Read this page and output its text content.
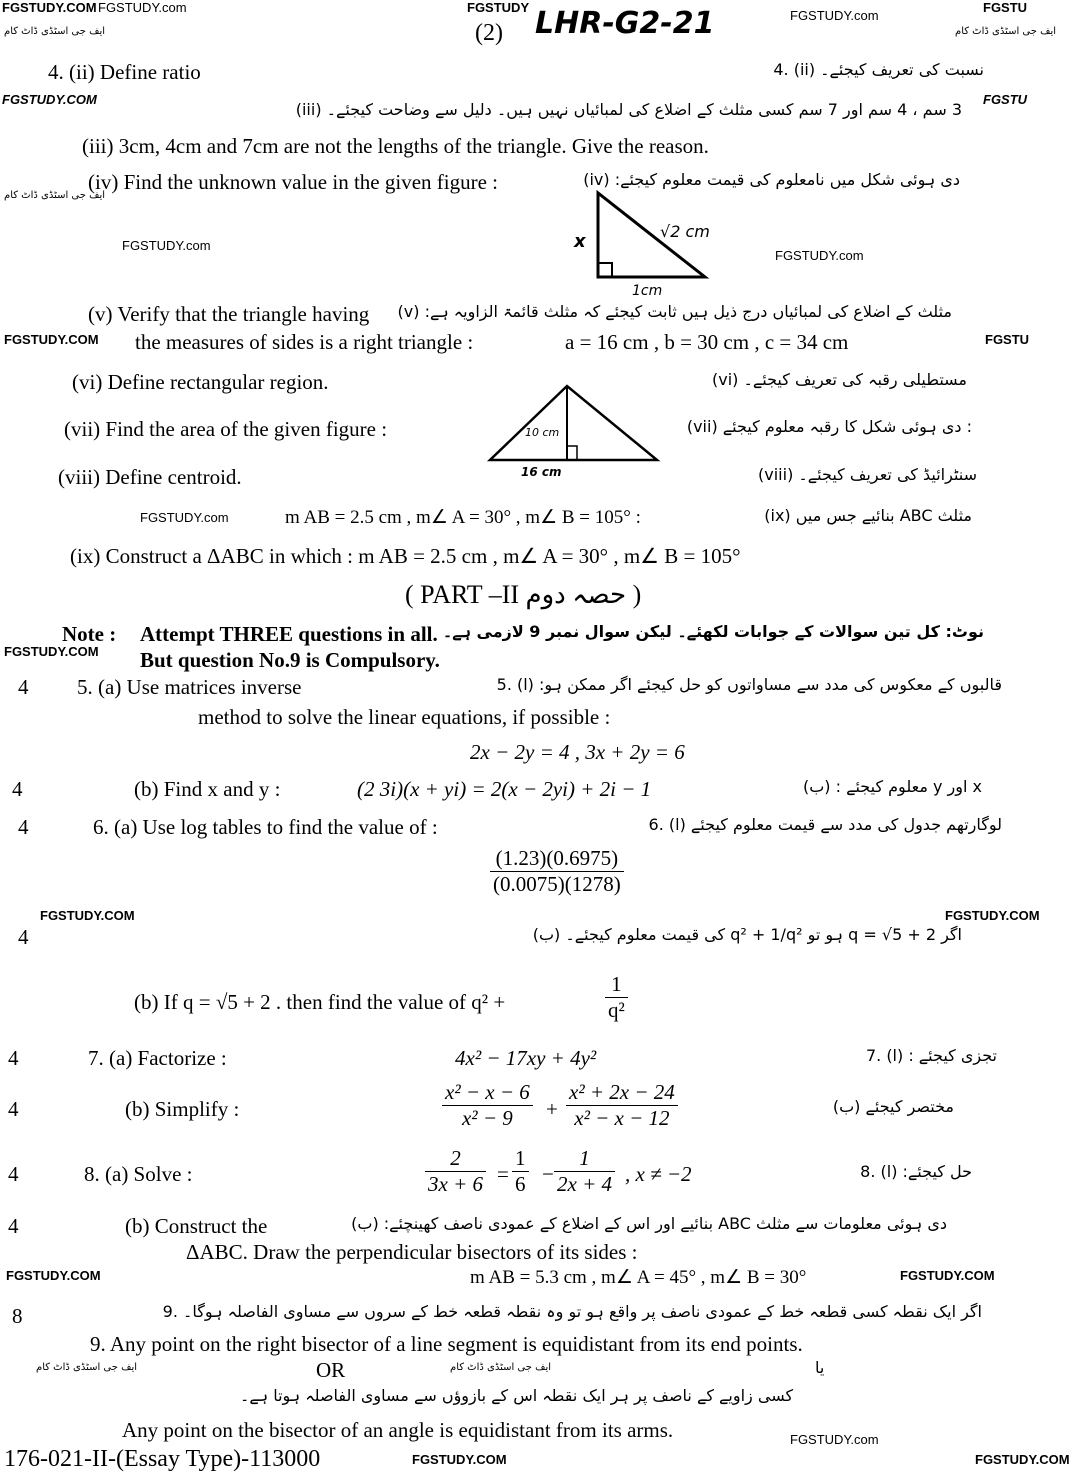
FGSTUDY.COM FGSTUDY.com	FGSTUDY
FGSTUDY.com
FGSTU
ایف جی اسٹڈی ڈاٹ کام	ایف جی اسٹڈی ڈاٹ کام
FGSTUDY.COM	FGSTU
ایف جی اسٹڈی ڈاٹ کام
FGSTUDY.com
FGSTUDY.com
FGSTUDY.COM	FGSTU
FGSTUDY.com
FGSTUDY.COM
FGSTUDY.COM	FGSTUDY.COM
FGSTUDY.COM	FGSTUDY.COM
ایف جی اسٹڈی ڈاٹ کام	ایف جی اسٹڈی ڈاٹ کام
FGSTUDY.com
FGSTUDY.COM	FGSTUDY.COM
(2) LHR-G2-21
4. (ii) Define ratio	نسبت کی تعریف کیجئے۔ (ii) .4
3 سم ، 4 سم اور 7 سم کسی مثلث کے اضلاع کی لمبائیاں نہیں ہیں۔ دلیل سے وضاحت کیجئے۔ (iii)
(iii) 3cm, 4cm and 7cm are not the lengths of the triangle. Give the reason.
(iv) Find the unknown value in the given figure :	دی ہوئی شکل میں نامعلوم کی قیمت معلوم کیجئے: (iv)
x	√2 cm
1cm
(v) Verify that the triangle having مثلث کے اضلاع کی لمبائیاں درج ذیل ہیں ثابت کیجئے کہ مثلث قائمۃ الزاویہ ہے: (v)
the measures of sides is a right triangle :	a = 16 cm , b = 30 cm , c = 34 cm
(vi) Define rectangular region.	مستطیلی رقبہ کی تعریف کیجئے۔ (vi)
(vii) Find the area of the given figure :	: دی ہوئی شکل کا رقبہ معلوم کیجئے (vii)
10 cm
16 cm
(viii) Define centroid.	سنٹرائیڈ کی تعریف کیجئے۔ (viii)
m AB = 2.5 cm , m∠ A = 30° , m∠ B = 105° :	مثلث ABC بنائیے جس میں (ix)
(ix) Construct a ΔABC in which : m AB = 2.5 cm , m∠ A = 30° , m∠ B = 105°
( PART –II حصہ دوم )
Note : Attempt THREE questions in all.
But question No.9 is Compulsory.
نوٹ: کل تین سوالات کے جوابات لکھئے۔ لیکن سوال نمبر 9 لازمی ہے۔
4 5. (a) Use matrices inverse	قالبوں کے معکوس کی مدد سے مساواتوں کو حل کیجئے اگر ممکن ہو: (ا) .5
method to solve the linear equations, if possible :
2x − 2y = 4 , 3x + 2y = 6
4	(b) Find x and y :	(2 3i)(x + yi) = 2(x − 2yi) + 2i − 1	x اور y معلوم کیجئے : (ب)
4	6. (a) Use log tables to find the value of :	لوگارتھم جدول کی مدد سے قیمت معلوم کیجئے (ا) .6
$\frac{(1.23)(0.6975)}{(0.0075)(1278)}$
4	اگر q = √5 + 2 ہو تو q² + 1/q² کی قیمت معلوم کیجئے۔ (ب)
(b) If q = √5 + 2 . then find the value of q² +	$\frac{1}{\text{q²}}$
4	7. (a) Factorize :	4x² − 17xy + 4y²	تجزی کیجئے : (ا) .7
4	(b) Simplify :	$\frac{\text{x² − x − 6}}{\text{x² − 9}} + \frac{\text{x² + 2x − 24}}{\text{x² − x − 12}}$	مختصر کیجئے (ب)
4	8. (a) Solve :	$\frac{2}{3x + 6} = \frac{1}{6} - \frac{1}{2x + 4}$ , x ≠ −2	حل کیجئے: (ا) .8
4	(b) Construct the	دی ہوئی معلومات سے مثلث ABC بنائیے اور اس کے اضلاع کے عمودی ناصف کھینچئے: (ب)
ΔABC. Draw the perpendicular bisectors of its sides :
m AB = 5.3 cm , m∠ A = 45° , m∠ B = 30°
8	اگر ایک نقطہ کسی قطعہ خط کے عمودی ناصف پر واقع ہو تو وہ نقطہ قطعہ خط کے سروں سے مساوی الفاصلہ ہوگا۔ .9
9. Any point on the right bisector of a line segment is equidistant from its end points.
OR	یا
کسی زاویے کے ناصف پر ہر ایک نقطہ اس کے بازوؤں سے مساوی الفاصلہ ہوتا ہے۔
Any point on the bisector of an angle is equidistant from its arms.
176-021-II-(Essay Type)-113000
